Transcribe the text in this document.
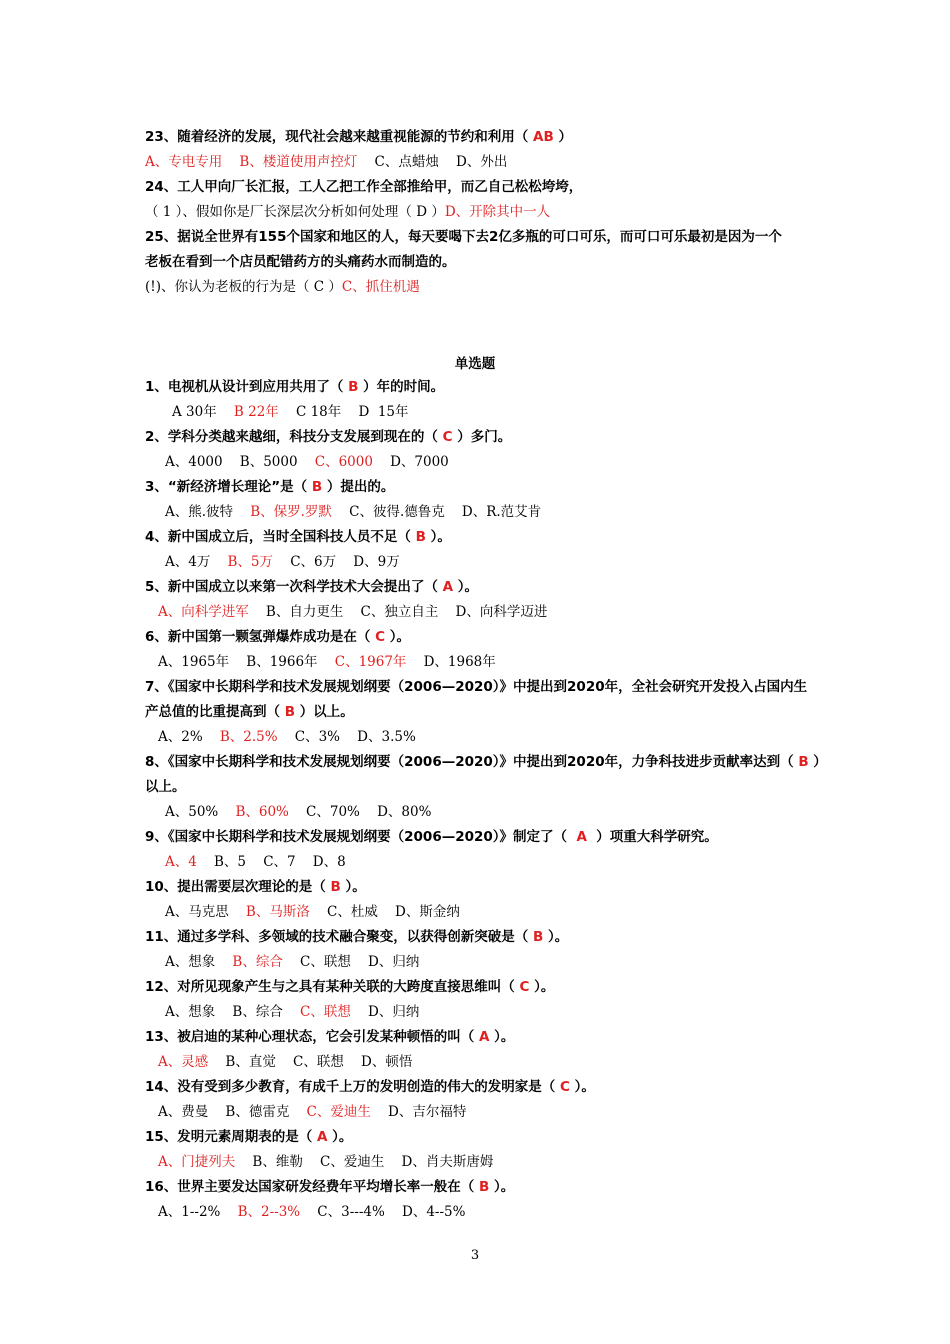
23、随着经济的发展，现代社会越来越重视能源的节约和利用（ AB ）
A、专电专用 B、楼道使用声控灯 C、点蜡烛 D、外出
24、工人甲向厂长汇报，工人乙把工作全部推给甲，而乙自己松松垮垮，
（ 1 ）、假如你是厂长深层次分析如何处理（ D ）D、开除其中一人
25、据说全世界有155个国家和地区的人，每天要喝下去2亿多瓶的可口可乐，而可口可乐最初是因为一个
老板在看到一个店员配错药方的头痛药水而制造的。
(!)、你认为老板的行为是（ C ）C、抓住机遇
单选题
1、电视机从设计到应用共用了（ B ）年的时间。
A 30年 B 22年 C 18年 D  15年
2、学科分类越来越细，科技分支发展到现在的（ C ）多门。
A、4000 B、5000 C、6000 D、7000
3、“新经济增长理论”是（ B ）提出的。
A、熊.彼特 B、保罗.罗默 C、彼得.德鲁克 D、R.范艾肯
4、新中国成立后，当时全国科技人员不足（ B ）。
A、4万 B、5万 C、6万 D、9万
5、新中国成立以来第一次科学技术大会提出了（ A ）。
A、向科学进军 B、自力更生 C、独立自主 D、向科学迈进
6、新中国第一颗氢弹爆炸成功是在（ C ）。
A、1965年 B、1966年 C、1967年 D、1968年
7、《国家中长期科学和技术发展规划纲要（2006—2020）》中提出到2020年，全社会研究开发投入占国内生
产总值的比重提高到（ B ）以上。
A、2% B、2.5% C、3% D、3.5%
8、《国家中长期科学和技术发展规划纲要（2006—2020）》中提出到2020年，力争科技进步贡献率达到（ B ）
以上。
A、50% B、60% C、70% D、80%
9、《国家中长期科学和技术发展规划纲要（2006—2020）》制定了（  A  ）项重大科学研究。
A、4 B、5 C、7 D、8
10、提出需要层次理论的是（ B ）。
A、马克思 B、马斯洛 C、杜威 D、斯金纳
11、通过多学科、多领域的技术融合聚变，以获得创新突破是（ B ）。
A、想象 B、综合 C、联想 D、归纳
12、对所见现象产生与之具有某种关联的大跨度直接思维叫（ C ）。
A、想象 B、综合 C、联想 D、归纳
13、被启迪的某种心理状态，它会引发某种顿悟的叫（ A ）。
A、灵感 B、直觉 C、联想 D、顿悟
14、没有受到多少教育，有成千上万的发明创造的伟大的发明家是（ C ）。
A、费曼 B、德雷克 C、爱迪生 D、吉尔福特
15、发明元素周期表的是（ A ）。
A、门捷列夫 B、维勒 C、爱迪生 D、肖夫斯唐姆
16、世界主要发达国家研发经费年平均增长率一般在（ B ）。
A、1--2% B、2--3% C、3---4% D、4--5%
3
